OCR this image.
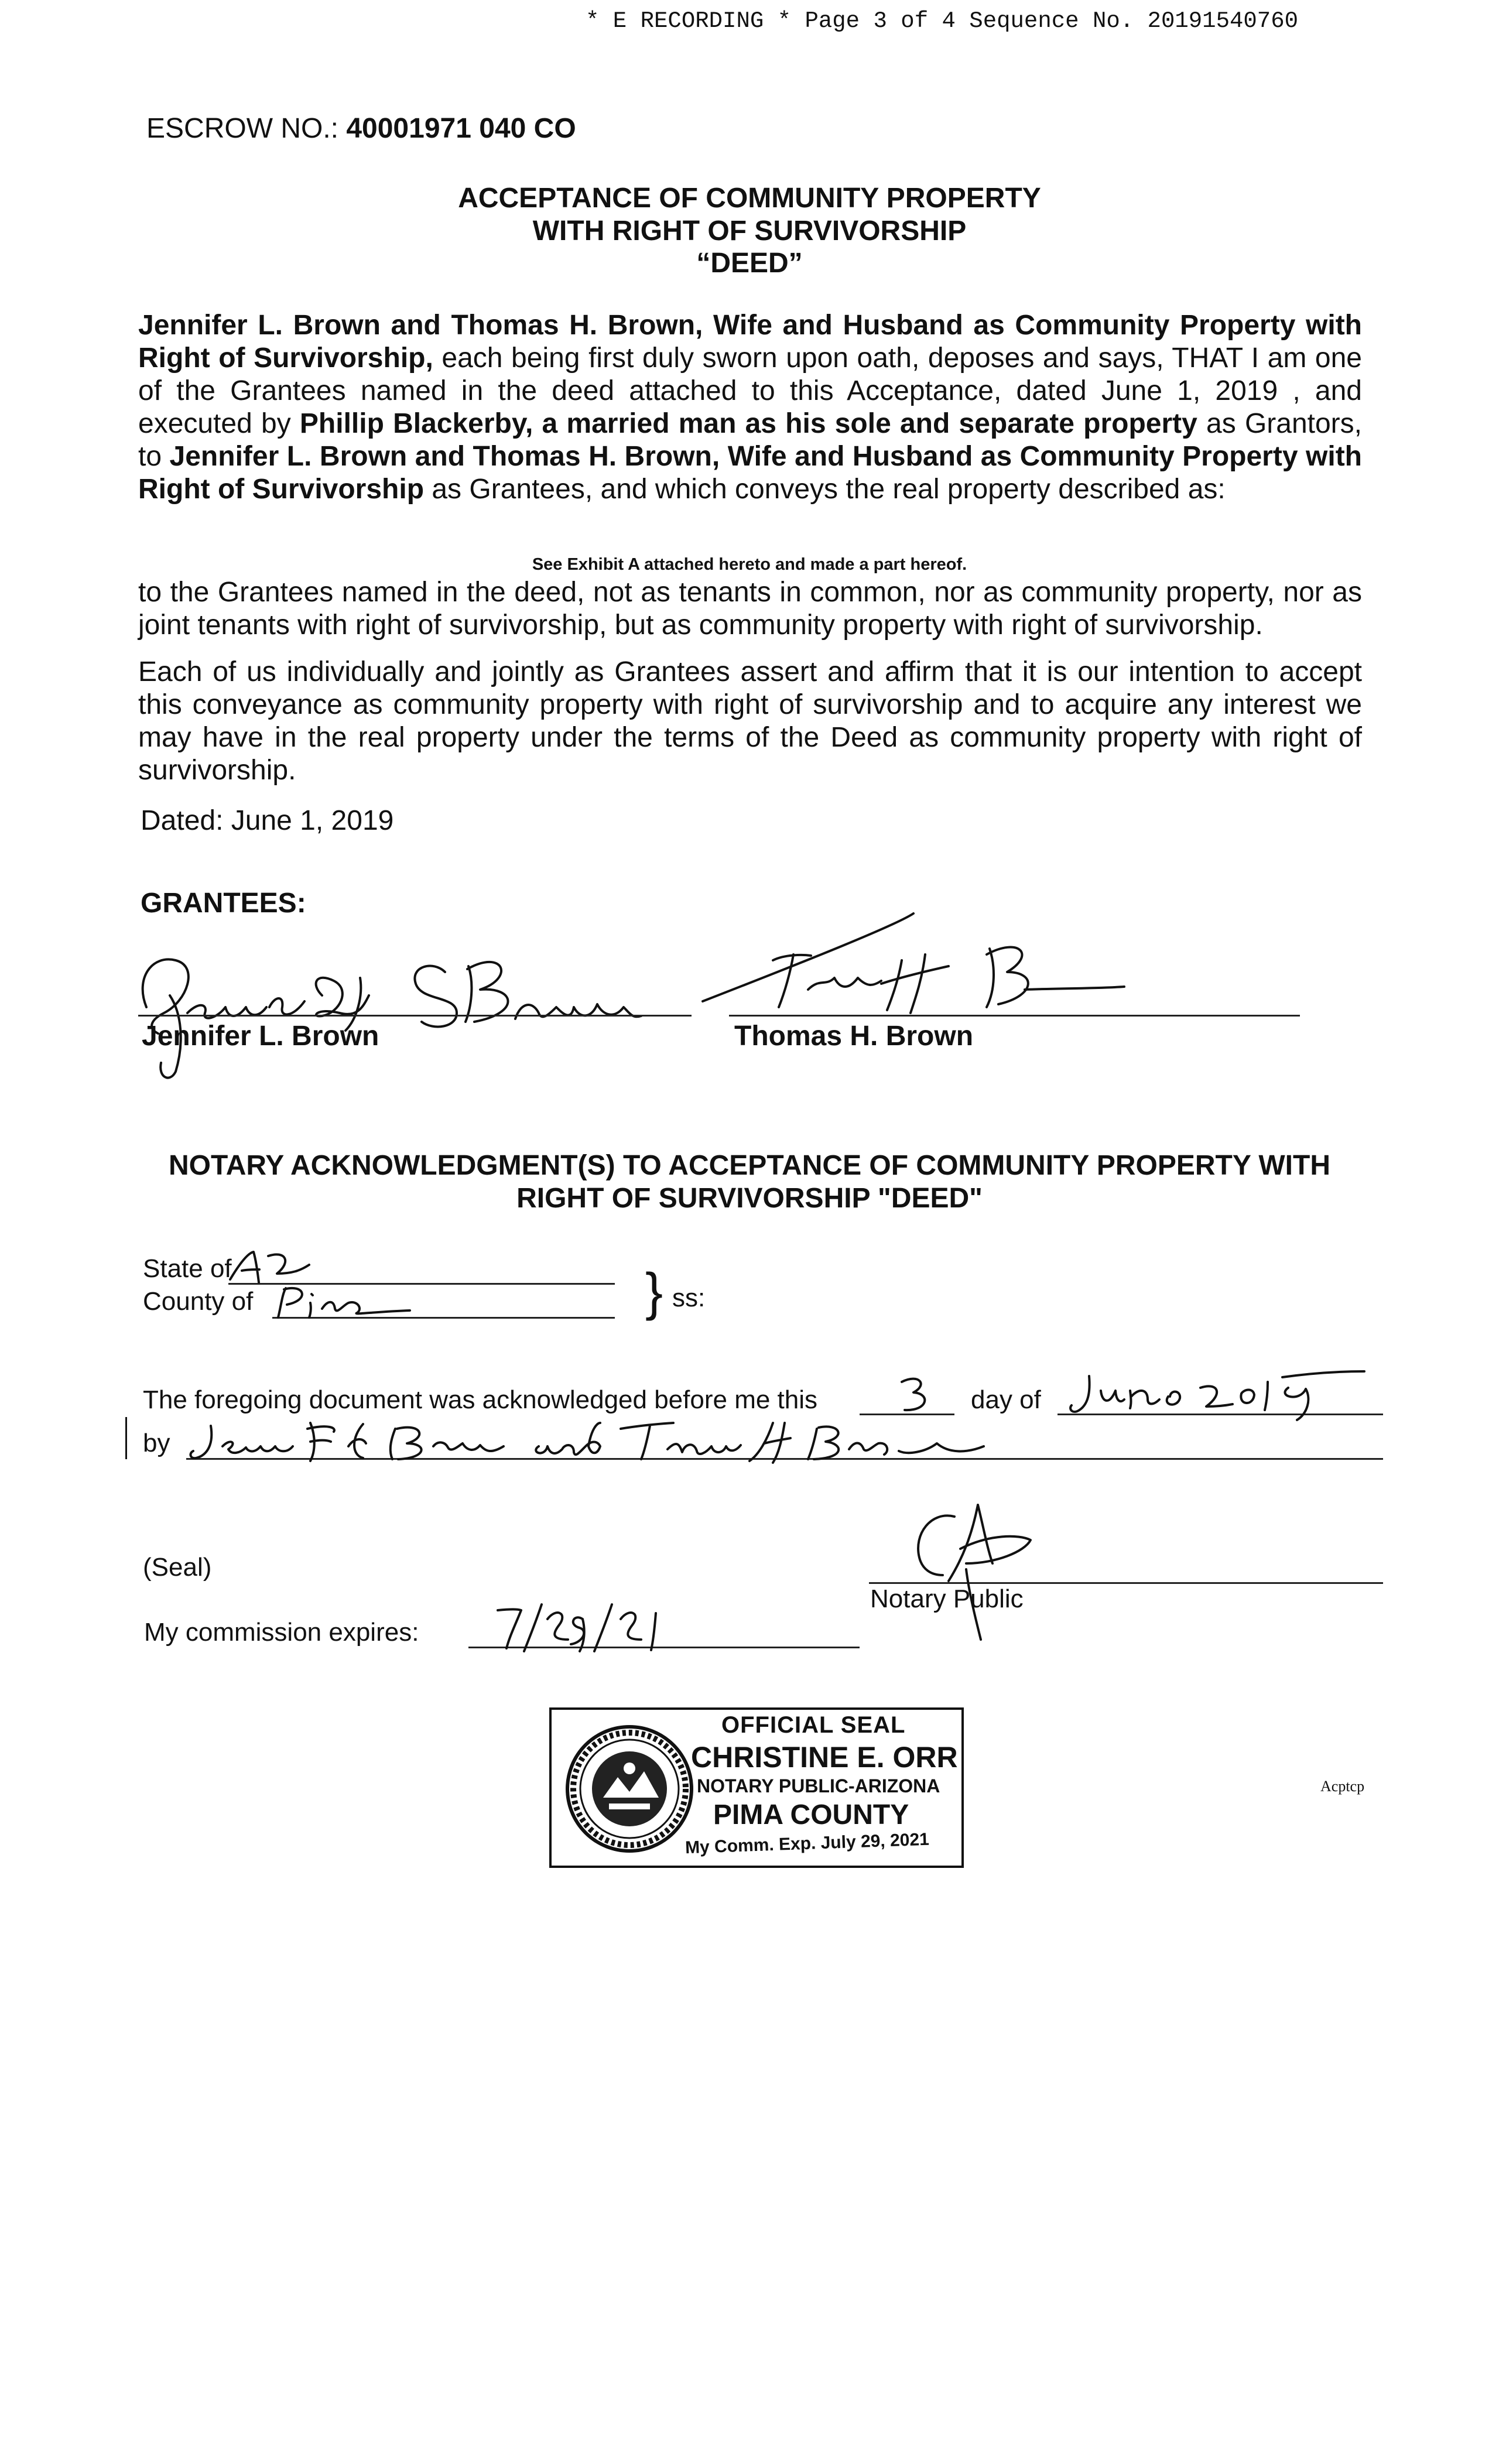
* E RECORDING * Page 3 of 4 Sequence No. 20191540760
ESCROW NO.: 40001971 040 CO
ACCEPTANCE OF COMMUNITY PROPERTY
WITH RIGHT OF SURVIVORSHIP
“DEED”
Jennifer L. Brown and Thomas H. Brown, Wife and Husband as Community Property with Right of Survivorship, each being first duly sworn upon oath, deposes and says, THAT I am one of the Grantees named in the deed attached to this Acceptance, dated June 1, 2019 , and executed by Phillip Blackerby, a married man as his sole and separate property as Grantors, to Jennifer L. Brown and Thomas H. Brown, Wife and Husband as Community Property with Right of Survivorship as Grantees, and which conveys the real property described as:
See Exhibit A attached hereto and made a part hereof.
to the Grantees named in the deed, not as tenants in common, nor as community property, nor as joint tenants with right of survivorship, but as community property with right of survivorship.
Each of us individually and jointly as Grantees assert and affirm that it is our intention to accept this conveyance as community property with right of survivorship and to acquire any interest we may have in the real property under the terms of the Deed as community property with right of survivorship.
Dated: June 1, 2019
GRANTEES:
Jennifer L. Brown	Thomas H. Brown
NOTARY ACKNOWLEDGMENT(S) TO ACCEPTANCE OF COMMUNITY PROPERTY WITH
RIGHT OF SURVIVORSHIP "DEED"
State of
County of	} ss:
The foregoing document was acknowledged before me this	day of
by
(Seal)
Notary Public
My commission expires:
OFFICIAL SEAL
CHRISTINE E. ORR
NOTARY PUBLIC-ARIZONA
PIMA COUNTY
My Comm. Exp. July 29, 2021
Acptcp
